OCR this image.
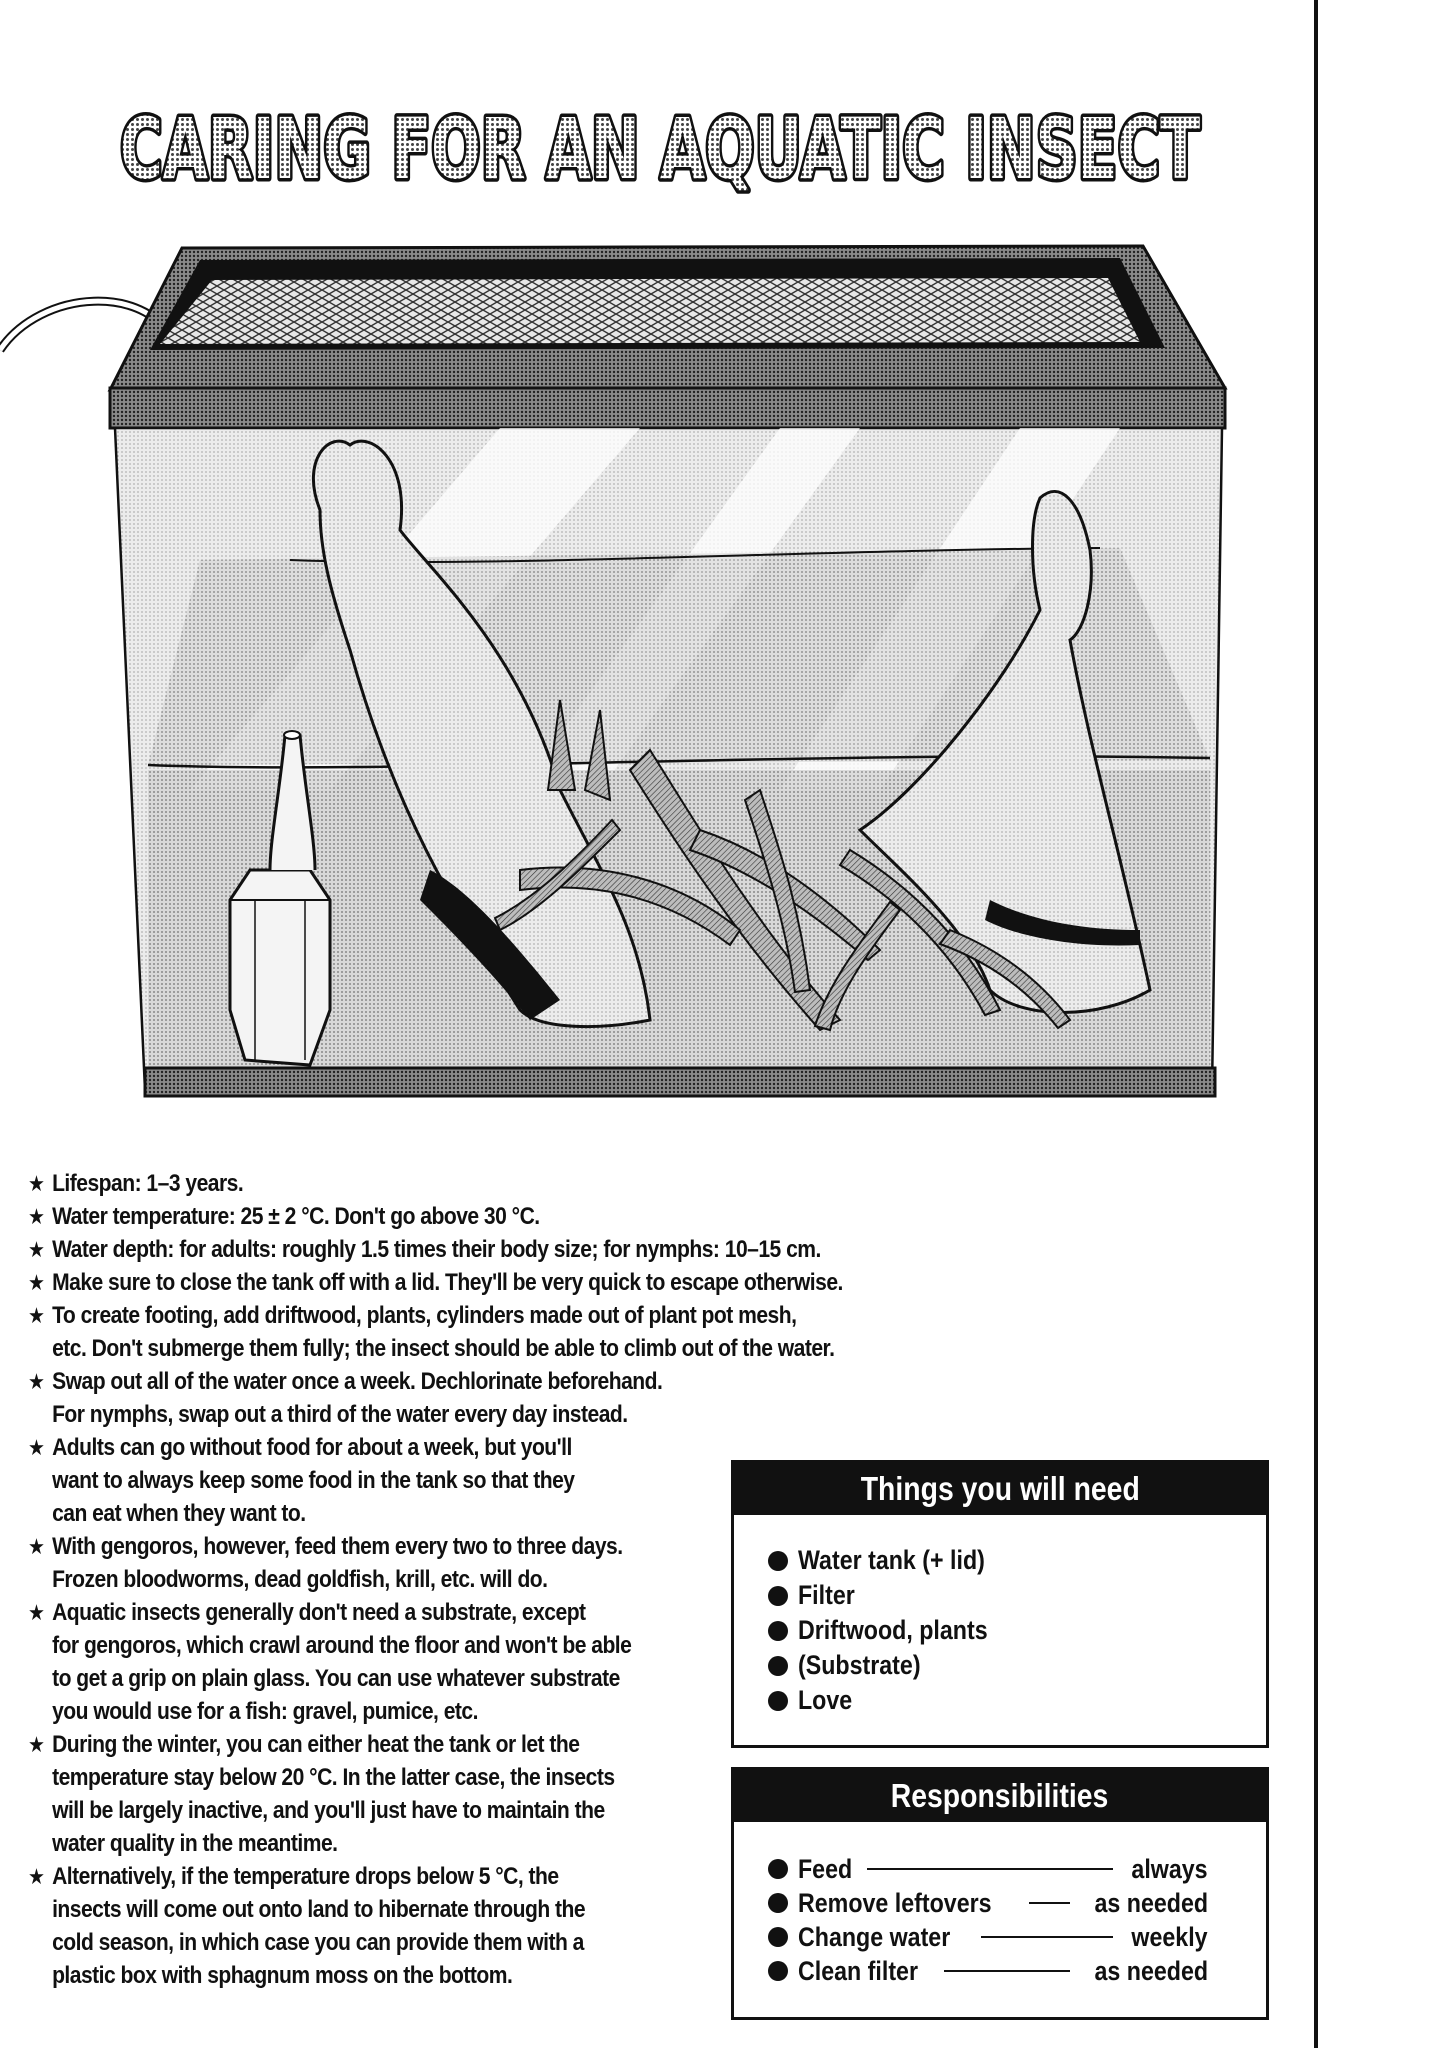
CARING FOR AN AQUATIC INSECT
★ Lifespan: 1–3 years.
★ Water temperature: 25 ± 2 °C. Don't go above 30 °C.
★ Water depth: for adults: roughly 1.5 times their body size; for nymphs: 10–15 cm.
★ Make sure to close the tank off with a lid. They'll be very quick to escape otherwise.
★ To create footing, add driftwood, plants, cylinders made out of plant pot mesh,
etc. Don't submerge them fully; the insect should be able to climb out of the water.
★ Swap out all of the water once a week. Dechlorinate beforehand.
For nymphs, swap out a third of the water every day instead.
★ Adults can go without food for about a week, but you'll
want to always keep some food in the tank so that they
can eat when they want to.
★ With gengoros, however, feed them every two to three days.
Frozen bloodworms, dead goldfish, krill, etc. will do.
★ Aquatic insects generally don't need a substrate, except
for gengoros, which crawl around the floor and won't be able
to get a grip on plain glass. You can use whatever substrate
you would use for a fish: gravel, pumice, etc.
★ During the winter, you can either heat the tank or let the
temperature stay below 20 °C. In the latter case, the insects
will be largely inactive, and you'll just have to maintain the
water quality in the meantime.
★ Alternatively, if the temperature drops below 5 °C, the
insects will come out onto land to hibernate through the
cold season, in which case you can provide them with a
plastic box with sphagnum moss on the bottom.
Things you will need
Water tank (+ lid)
Filter
Driftwood, plants
(Substrate)
Love
Responsibilities
Feed	always
Remove leftovers	as needed
Change water	weekly
Clean filter	as needed
